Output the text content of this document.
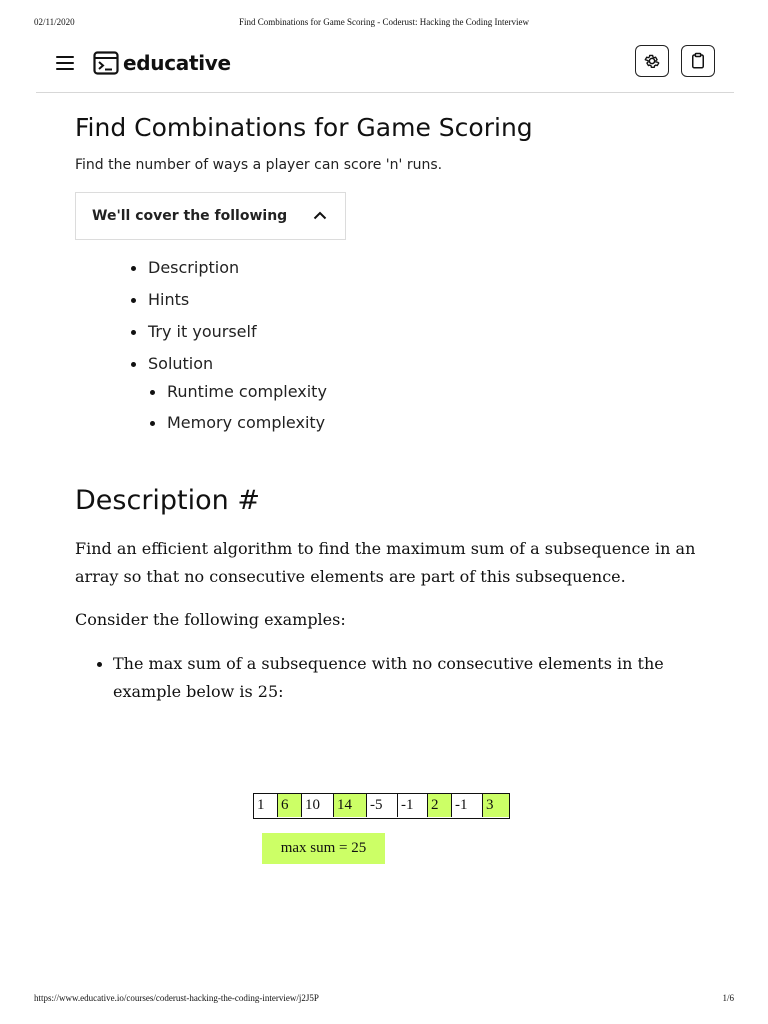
02/11/2020	Find Combinations for Game Scoring - Coderust: Hacking the Coding Interview
educative
Find Combinations for Game Scoring
Find the number of ways a player can score 'n' runs.
We'll cover the following
Description
Hints
Try it yourself
Solution
Runtime complexity
Memory complexity
Description #
Find an efficient algorithm to find the maximum sum of a subsequence in an array so that no consecutive elements are part of this subsequence.
Consider the following examples:
The max sum of a subsequence with no consecutive elements in the example below is 25:
1	6	10	14	-5	-1	2	-1	3
max sum = 25
https://www.educative.io/courses/coderust-hacking-the-coding-interview/j2J5P	1/6
